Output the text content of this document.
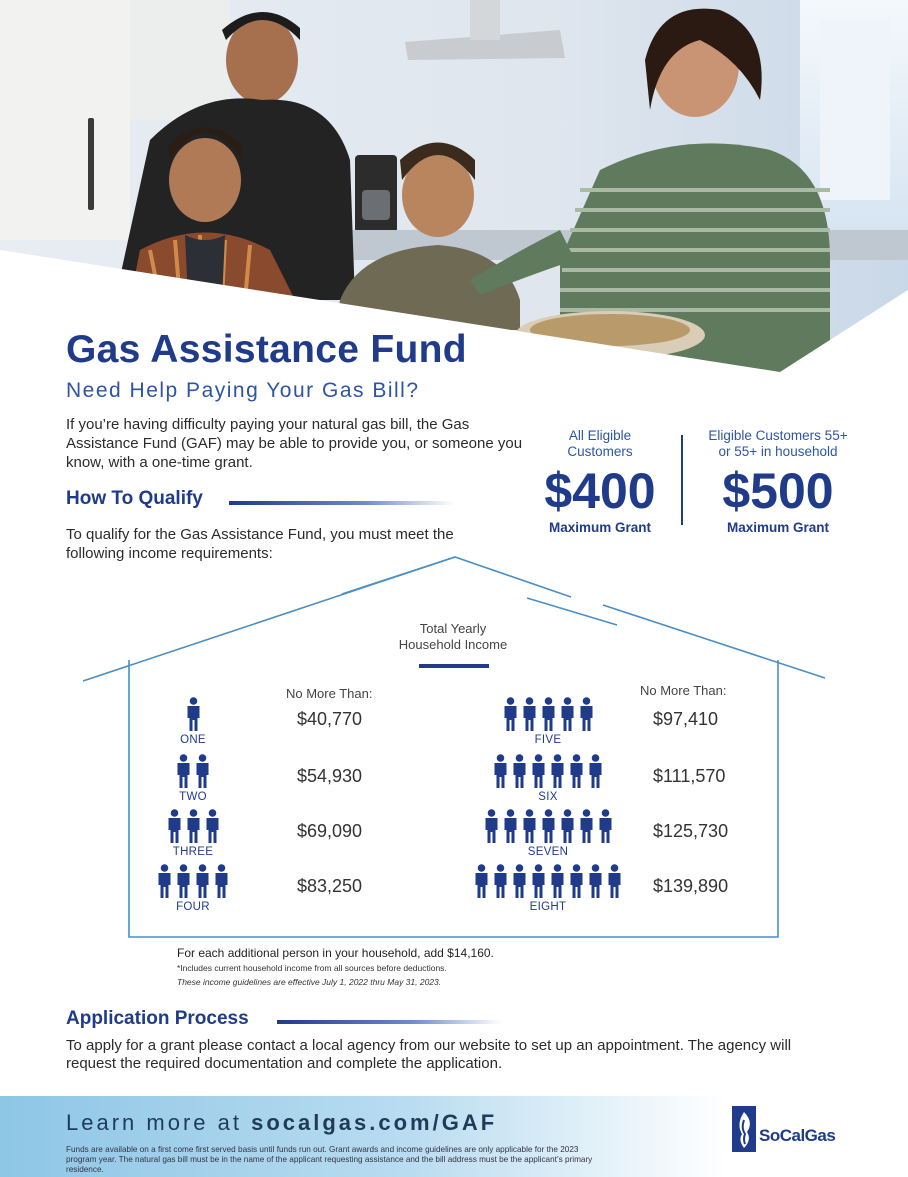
Gas Assistance Fund
Need Help Paying Your Gas Bill?
If you’re having difficulty paying your natural gas bill, the Gas Assistance Fund (GAF) may be able to provide you, or someone you know, with a one-time grant.
All Eligible
Customers
$400
Maximum Grant
Eligible Customers 55+
or 55+ in household
$500
Maximum Grant
How To Qualify
To qualify for the Gas Assistance Fund, you must meet the following income requirements:
Total Yearly
Household Income
No More Than:	No More Than:
ONE
$40,770
TWO
$54,930
THREE
$69,090
FOUR
$83,250
FIVE
$97,410
SIX
$111,570
SEVEN
$125,730
EIGHT
$139,890
For each additional person in your household, add $14,160.
*Includes current household income from all sources before deductions.
These income guidelines are effective July 1, 2022 thru May 31, 2023.
Application Process
To apply for a grant please contact a local agency from our website to set up an appointment. The agency will request the required documentation and complete the application.
Learn more at socalgas.com/GAF
Funds are available on a first come first served basis until funds run out. Grant awards and income guidelines are only applicable for the 2023 program year. The natural gas bill must be in the name of the applicant requesting assistance and the bill address must be the applicant’s primary residence.
SoCalGas
